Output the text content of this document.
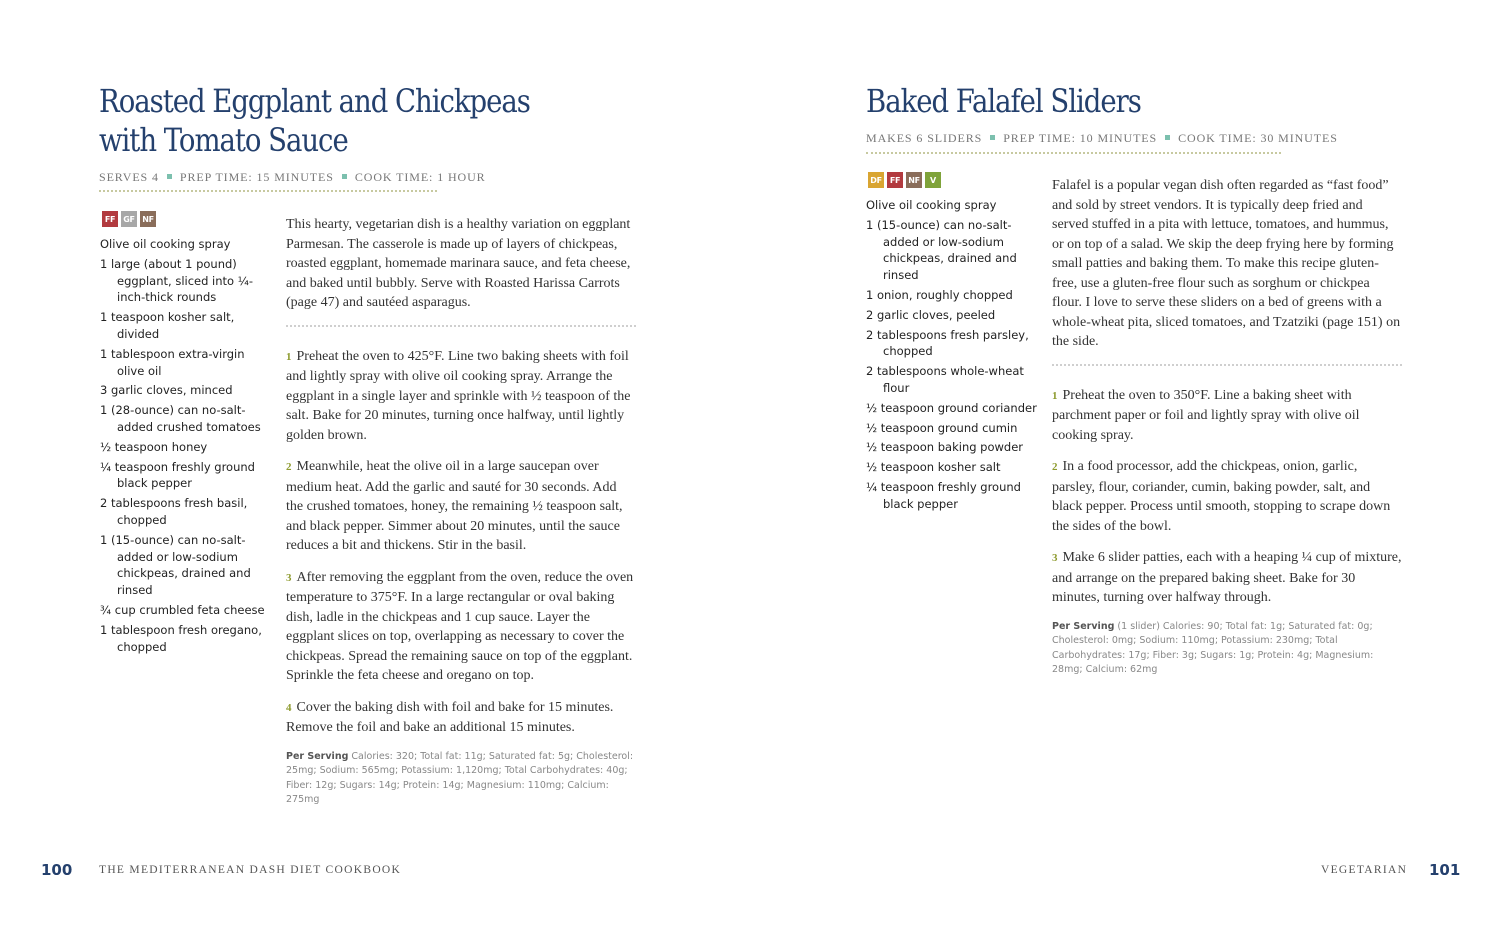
Roasted Eggplant and Chickpeas
with Tomato Sauce
SERVES 4 PREP TIME: 15 MINUTES COOK TIME: 1 HOUR
FF	GF NF
Olive oil cooking spray
1 large (about 1 pound) eggplant, sliced into ¼-inch-thick rounds
1 teaspoon kosher salt, divided
1 tablespoon extra-virgin olive oil
3 garlic cloves, minced
1 (28-ounce) can no-salt-added crushed tomatoes
½ teaspoon honey
¼ teaspoon freshly ground black pepper
2 tablespoons fresh basil, chopped
1 (15-ounce) can no-salt-added or low-sodium chickpeas, drained and rinsed
¾ cup crumbled feta cheese
1 tablespoon fresh oregano, chopped

This hearty, vegetarian dish is a healthy variation on eggplant Parmesan. The casserole is made up of layers of chickpeas, roasted eggplant, homemade marinara sauce, and feta cheese, and baked until bubbly. Serve with Roasted Harissa Carrots (page 47) and sautéed asparagus.

1 Preheat the oven to 425°F. Line two baking sheets with foil and lightly spray with olive oil cooking spray. Arrange the eggplant in a single layer and sprinkle with ½ teaspoon of the salt. Bake for 20 minutes, turning once halfway, until lightly golden brown.

2 Meanwhile, heat the olive oil in a large saucepan over medium heat. Add the garlic and sauté for 30 seconds. Add the crushed tomatoes, honey, the remaining ½ teaspoon salt, and black pepper. Simmer about 20 minutes, until the sauce reduces a bit and thickens. Stir in the basil.

3 After removing the eggplant from the oven, reduce the oven temperature to 375°F. In a large rectangular or oval baking dish, ladle in the chickpeas and 1 cup sauce. Layer the eggplant slices on top, overlapping as necessary to cover the chickpeas. Spread the remaining sauce on top of the eggplant. Sprinkle the feta cheese and oregano on top.

4 Cover the baking dish with foil and bake for 15 minutes. Remove the foil and bake an additional 15 minutes.

Per Serving Calories: 320; Total fat: 11g; Saturated fat: 5g; Cholesterol: 25mg; Sodium: 565mg; Potassium: 1,120mg; Total Carbohydrates: 40g; Fiber: 12g; Sugars: 14g; Protein: 14g; Magnesium: 110mg; Calcium: 275mg
100 THE MEDITERRANEAN DASH DIET COOKBOOK
Baked Falafel Sliders
MAKES 6 SLIDERS PREP TIME: 10 MINUTES COOK TIME: 30 MINUTES
DF	FF	NF	V
Olive oil cooking spray
1 (15-ounce) can no-salt-added or low-sodium chickpeas, drained and rinsed
1 onion, roughly chopped
2 garlic cloves, peeled
2 tablespoons fresh parsley, chopped
2 tablespoons whole-wheat flour
½ teaspoon ground coriander
½ teaspoon ground cumin
½ teaspoon baking powder
½ teaspoon kosher salt
¼ teaspoon freshly ground black pepper

Falafel is a popular vegan dish often regarded as “fast food” and sold by street vendors. It is typically deep fried and served stuffed in a pita with lettuce, tomatoes, and hummus, or on top of a salad. We skip the deep frying here by forming small patties and baking them. To make this recipe gluten-free, use a gluten-free flour such as sorghum or chickpea flour. I love to serve these sliders on a bed of greens with a whole-wheat pita, sliced tomatoes, and Tzatziki (page 151) on the side.

1 Preheat the oven to 350°F. Line a baking sheet with parchment paper or foil and lightly spray with olive oil cooking spray.

2 In a food processor, add the chickpeas, onion, garlic, parsley, flour, coriander, cumin, baking powder, salt, and black pepper. Process until smooth, stopping to scrape down the sides of the bowl.

3 Make 6 slider patties, each with a heaping ¼ cup of mixture, and arrange on the prepared baking sheet. Bake for 30 minutes, turning over halfway through.

Per Serving (1 slider) Calories: 90; Total fat: 1g; Saturated fat: 0g; Cholesterol: 0mg; Sodium: 110mg; Potassium: 230mg; Total Carbohydrates: 17g; Fiber: 3g; Sugars: 1g; Protein: 4g; Magnesium: 28mg; Calcium: 62mg
VEGETARIAN 101
